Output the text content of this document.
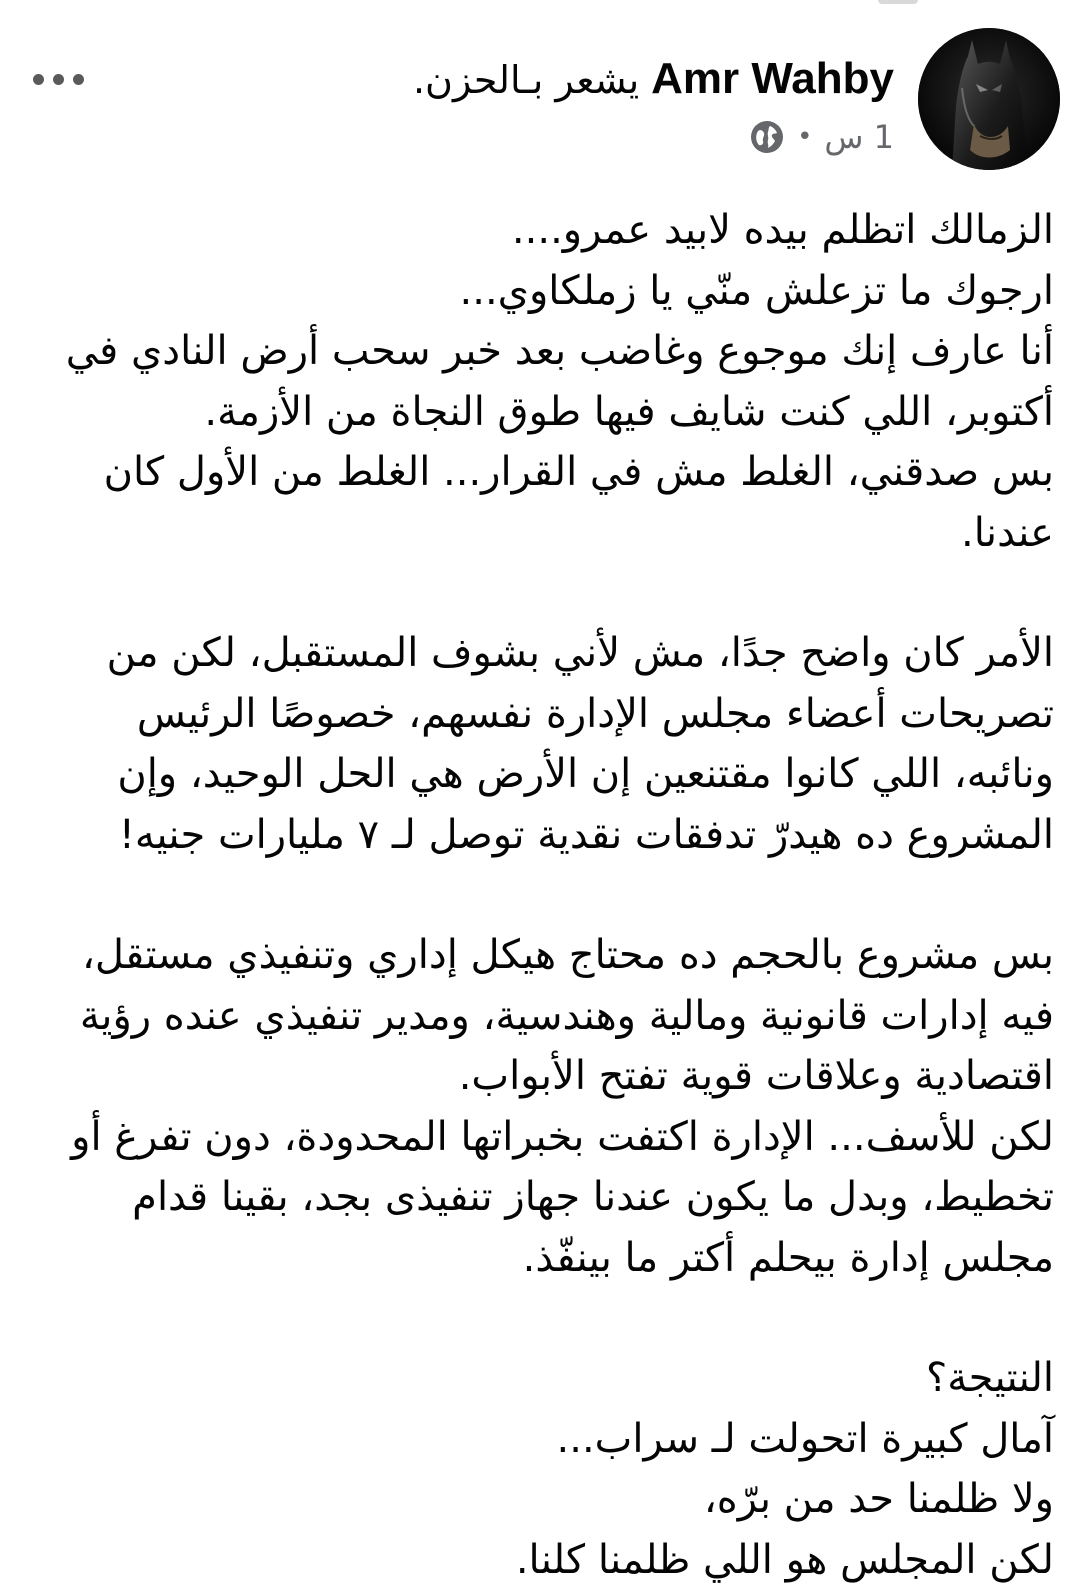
Amr Wahby
يشعر بـالحزن.
1 س
•

الزمالك اتظلم بيده لابيد عمرو....

ارجوك ما تزعلش منّي يا زملكاوي...

أنا عارف إنك موجوع وغاضب بعد خبر سحب أرض النادي في أكتوبر، اللي كنت شايف فيها طوق النجاة من الأزمة.

بس صدقني، الغلط مش في القرار... الغلط من الأول كان عندنا.

الأمر كان واضح جدًا، مش لأني بشوف المستقبل، لكن من تصريحات أعضاء مجلس الإدارة نفسهم، خصوصًا الرئيس ونائبه، اللي كانوا مقتنعين إن الأرض هي الحل الوحيد، وإن المشروع ده هيدرّ تدفقات نقدية توصل لـ ٧ مليارات جنيه!

بس مشروع بالحجم ده محتاج هيكل إداري وتنفيذي مستقل، فيه إدارات قانونية ومالية وهندسية، ومدير تنفيذي عنده رؤية اقتصادية وعلاقات قوية تفتح الأبواب.

لكن للأسف... الإدارة اكتفت بخبراتها المحدودة، دون تفرغ أو تخطيط، وبدل ما يكون عندنا جهاز تنفيذى بجد، بقينا قدام مجلس إدارة بيحلم أكتر ما بينفّذ.

النتيجة؟

آمال كبيرة اتحولت لـ سراب...

ولا ظلمنا حد من برّه،

لكن المجلس هو اللي ظلمنا كلنا.
